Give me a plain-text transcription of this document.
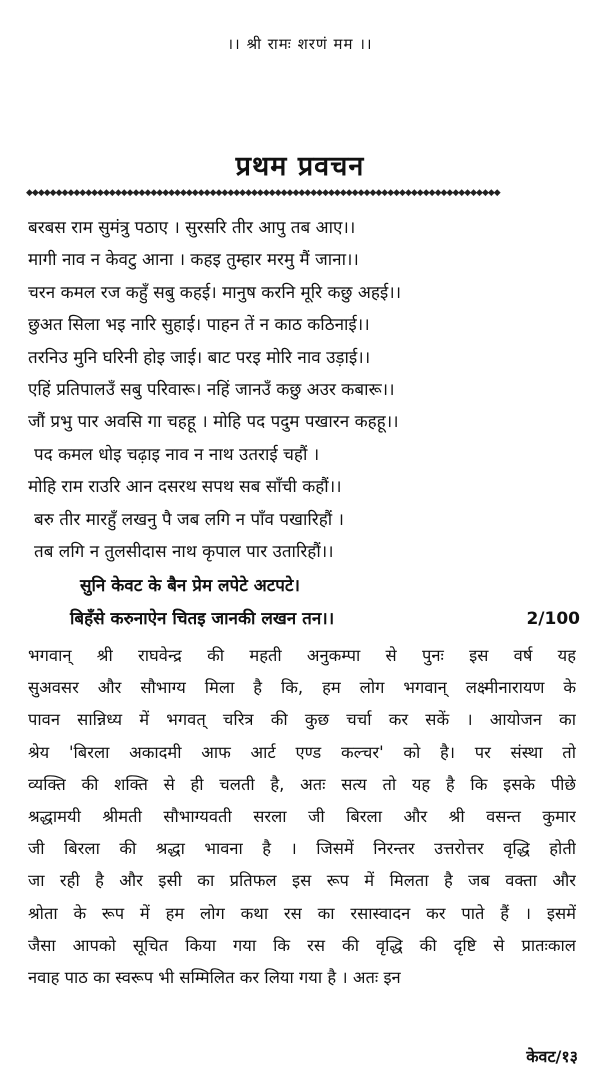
।। श्री रामः शरणं मम ।।
प्रथम प्रवचन
◆◆◆◆◆◆◆◆◆◆◆◆◆◆◆◆◆◆◆◆◆◆◆◆◆◆◆◆◆◆◆◆◆◆◆◆◆◆◆◆◆◆◆◆◆◆◆◆◆◆◆◆◆◆◆◆◆◆◆◆◆◆◆◆◆◆◆◆◆◆◆◆◆◆◆◆◆◆◆◆
बरबस राम सुमंत्रु पठाए । सुरसरि तीर आपु तब आए।।
मागी नाव न केवटु आना । कहइ तुम्हार मरमु मैं जाना।।
चरन कमल रज कहुँ सबु कहई। मानुष करनि मूरि कछु अहई।।
छुअत सिला भइ नारि सुहाई। पाहन तें न काठ कठिनाई।।
तरनिउ मुनि घरिनी होइ जाई। बाट परइ मोरि नाव उड़ाई।।
एहिं प्रतिपालउँ सबु परिवारू। नहिं जानउँ कछु अउर कबारू।।
जौं प्रभु पार अवसि गा चहहू । मोहि पद पदुम पखारन कहहू।।
पद कमल धोइ चढ़ाइ नाव न नाथ उतराई चहौं ।
मोहि राम राउरि आन दसरथ सपथ सब साँची कहौं।।
बरु तीर मारहुँ लखनु पै जब लगि न पाँव पखारिहौं ।
तब लगि न तुलसीदास नाथ कृपाल पार उतारिहौं।।
सुनि केवट के बैन प्रेम लपेटे अटपटे।
बिहँसे करुनाऐन चितइ जानकी लखन तन।।	2/100
भगवान् श्री राघवेन्द्र की महती अनुकम्पा से पुनः इस वर्ष यह
सुअवसर और सौभाग्य मिला है कि, हम लोग भगवान् लक्ष्मीनारायण के
पावन सान्निध्य में भगवत् चरित्र की कुछ चर्चा कर सकें । आयोजन का
श्रेय 'बिरला अकादमी आफ आर्ट एण्ड कल्चर' को है। पर संस्था तो
व्यक्ति की शक्ति से ही चलती है, अतः सत्य तो यह है कि इसके पीछे
श्रद्धामयी श्रीमती सौभाग्यवती सरला जी बिरला और श्री वसन्त कुमार
जी बिरला की श्रद्धा भावना है । जिसमें निरन्तर उत्तरोत्तर वृद्धि होती
जा रही है और इसी का प्रतिफल इस रूप में मिलता है जब वक्ता और
श्रोता के रूप में हम लोग कथा रस का रसास्वादन कर पाते हैं । इसमें
जैसा आपको सूचित किया गया कि रस की वृद्धि की दृष्टि से प्रातःकाल
नवाह पाठ का स्वरूप भी सम्मिलित कर लिया गया है । अतः इन
केवट/१३
